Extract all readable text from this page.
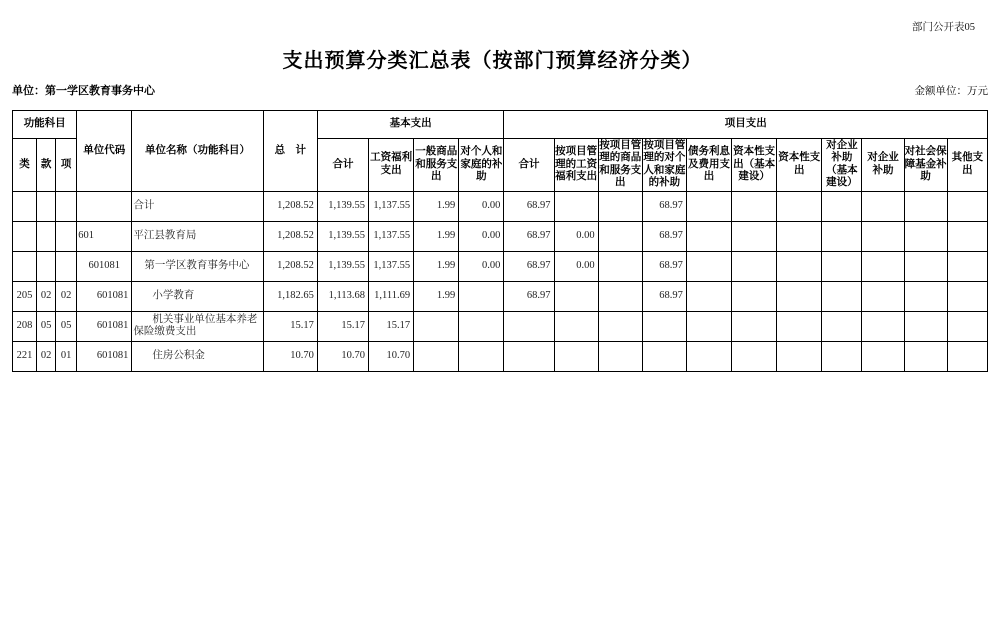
部门公开表05
支出预算分类汇总表（按部门预算经济分类）
单位：第一学区教育事务中心	金额单位：万元
功能科目			单位代码	单位名称（功能科目）	总　计	基本支出				项目支出										
类	款	项				合计	工资福利支出	一般商品和服务支出	对个人和家庭的补助	合计	按项目管理的工资福利支出	按项目管理的商品和服务支出	按项目管理的对个人和家庭的补助	债务利息及费用支出	资本性支出（基本建设）	资本性支出	对企业补助（基本建设）	对企业补助	对社会保障基金补助	其他支出
				合计	1,208.52	1,139.55	1,137.55	1.99	0.00	68.97			68.97							
			601	平江县教育局	1,208.52	1,139.55	1,137.55	1.99	0.00	68.97	0.00		68.97							
			601081	第一学区教育事务中心	1,208.52	1,139.55	1,137.55	1.99	0.00	68.97	0.00		68.97							
205	02	02	601081	小学教育	1,182.65	1,113.68	1,111.69	1.99		68.97			68.97							
208	05	05	601081	机关事业单位基本养老保险缴费支出	15.17	15.17	15.17													
221	02	01	601081	住房公积金	10.70	10.70	10.70													
